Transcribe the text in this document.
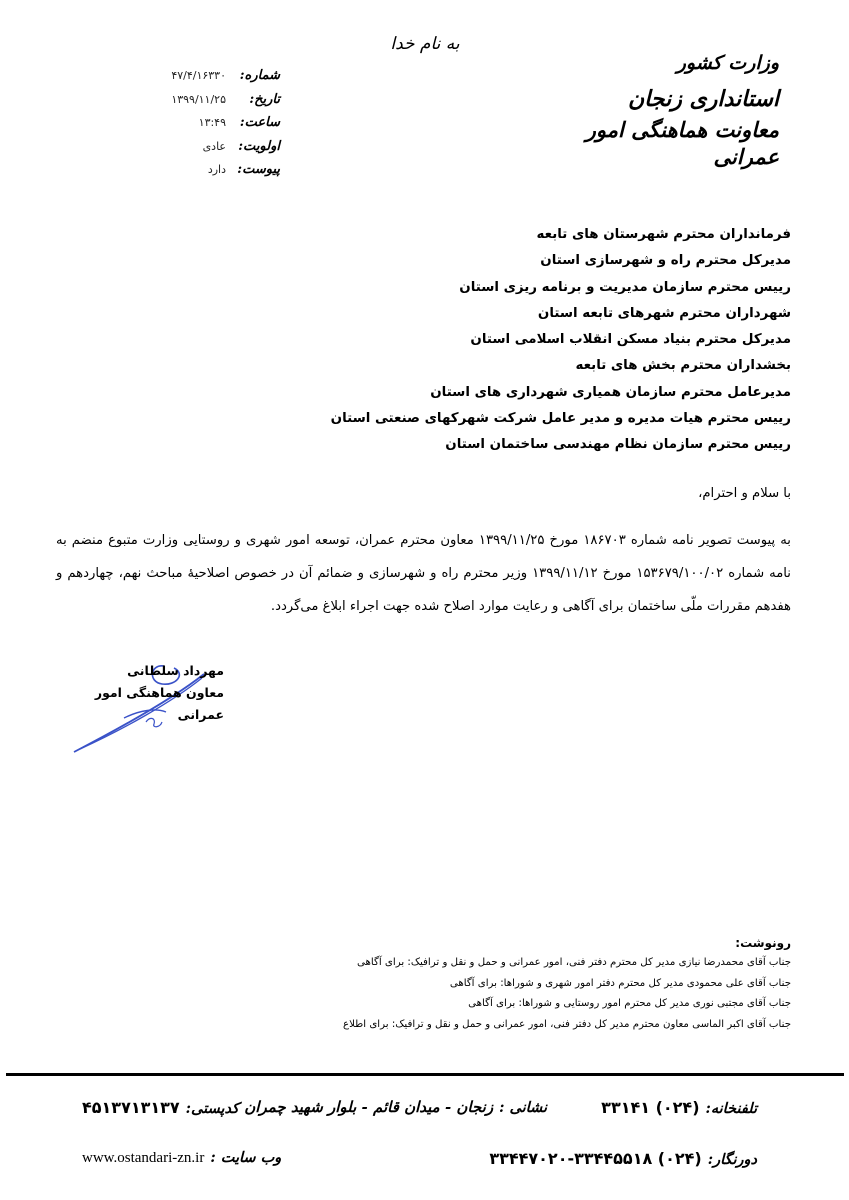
به نام خدا
وزارت کشور
استانداری زنجان
معاونت هماهنگی امور عمرانی
شماره:
۴۷/۴/۱۶۳۳۰
تاریخ:
۱۳۹۹/۱۱/۲۵
ساعت:
۱۳:۴۹
اولویت:
عادی
پیوست:
دارد
فرمانداران محترم شهرستان های تابعه
مدیرکل محترم راه و شهرسازی استان
رییس محترم سازمان مدیریت و برنامه ریزی استان
شهرداران محترم شهرهای تابعه استان
مدیرکل محترم بنیاد مسکن انقلاب اسلامی استان
بخشداران محترم بخش های تابعه
مدیرعامل محترم سازمان همیاری شهرداری های استان
رییس محترم هیات مدیره و مدیر عامل شرکت شهرکهای صنعتی استان
رییس محترم سازمان نظام مهندسی ساختمان استان
با سلام و احترام،
به پیوست تصویر نامه شماره ۱۸۶۷۰۳ مورخ ۱۳۹۹/۱۱/۲۵ معاون محترم عمران، توسعه امور شهری و روستایی وزارت متبوع منضم به نامه شماره ۱۵۳۶۷۹/۱۰۰/۰۲ مورخ ۱۳۹۹/۱۱/۱۲ وزیر محترم راه و شهرسازی و ضمائم آن در خصوص اصلاحیهٔ مباحث نهم، چهاردهم و هفدهم مقررات ملّی ساختمان برای آگاهی و رعایت موارد اصلاح شده جهت اجراء ابلاغ می‌گردد.
مهرداد سلطانی
معاون هماهنگی امور عمرانی
رونوشت:
جناب آقای محمدرضا نیازی مدیر کل محترم دفتر فنی، امور عمرانی و حمل و نقل و ترافیک: برای آگاهی
جناب آقای علی محمودی مدیر کل محترم دفتر امور شهری و شوراها: برای آگاهی
جناب آقای مجتبی نوری مدیر کل محترم امور روستایی و شوراها: برای آگاهی
جناب آقای اکبر الماسی معاون محترم مدیر کل دفتر فنی، امور عمرانی و حمل و نقل و ترافیک: برای اطلاع
تلفنخانه:
(۰۲۴) ۳۳۱۴۱
نشانی :
زنجان - میدان قائم - بلوار شهید چمران
کدپستی:
۴۵۱۳۷۱۳۱۳۷
دورنگار:
(۰۲۴) ۳۳۴۴۷۰۲۰-۳۳۴۴۵۵۱۸
وب سایت :
www.ostandari-zn.ir
